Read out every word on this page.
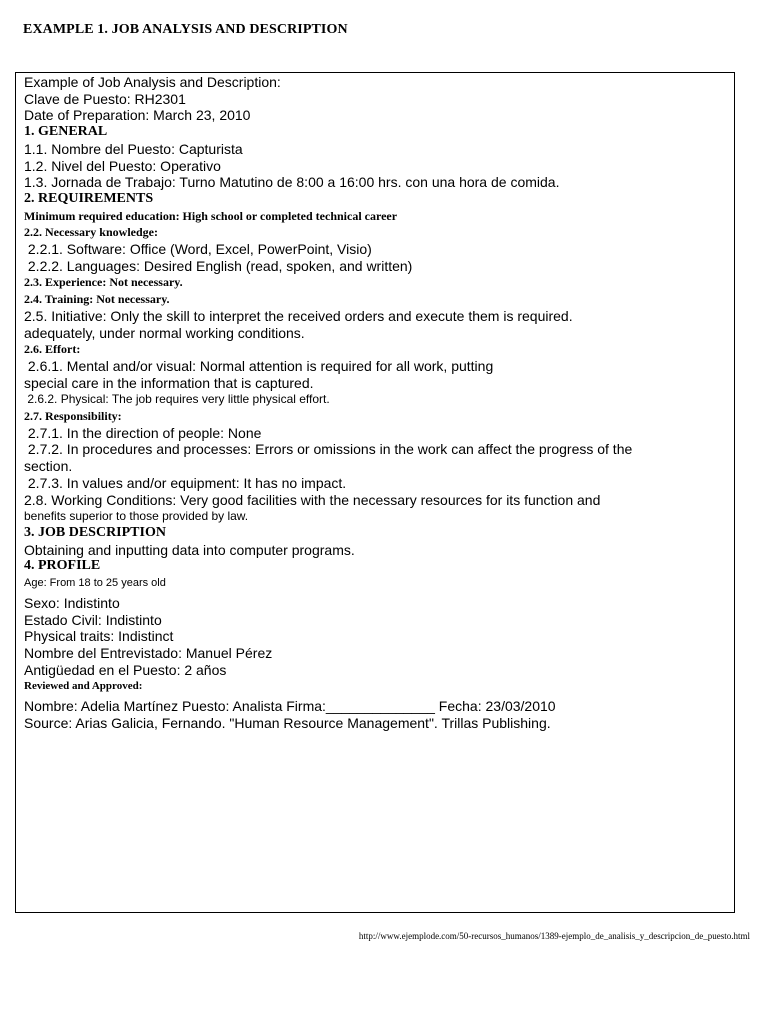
EXAMPLE 1. JOB ANALYSIS AND DESCRIPTION
Example of Job Analysis and Description:
Clave de Puesto: RH2301
Date of Preparation: March 23, 2010
1. GENERAL
1.1. Nombre del Puesto: Capturista
1.2. Nivel del Puesto: Operativo
1.3. Jornada de Trabajo: Turno Matutino de 8:00 a 16:00 hrs. con una hora de comida.
2. REQUIREMENTS
Minimum required education: High school or completed technical career
2.2. Necessary knowledge:
2.2.1. Software: Office (Word, Excel, PowerPoint, Visio)
2.2.2. Languages: Desired English (read, spoken, and written)
2.3. Experience: Not necessary.
2.4. Training: Not necessary.
2.5. Initiative: Only the skill to interpret the received orders and execute them is required.
adequately, under normal working conditions.
2.6. Effort:
2.6.1. Mental and/or visual: Normal attention is required for all work, putting
special care in the information that is captured.
2.6.2. Physical: The job requires very little physical effort.
2.7. Responsibility:
2.7.1. In the direction of people: None
2.7.2. In procedures and processes: Errors or omissions in the work can affect the progress of the
section.
2.7.3. In values and/or equipment: It has no impact.
2.8. Working Conditions: Very good facilities with the necessary resources for its function and
benefits superior to those provided by law.
3. JOB DESCRIPTION
Obtaining and inputting data into computer programs.
4. PROFILE
Age: From 18 to 25 years old
Sexo: Indistinto
Estado Civil: Indistinto
Physical traits: Indistinct
Nombre del Entrevistado: Manuel Pérez
Antigüedad en el Puesto: 2 años
Reviewed and Approved:
Nombre: Adelia Martínez Puesto: Analista Firma:______________ Fecha: 23/03/2010
Source: Arias Galicia, Fernando. "Human Resource Management". Trillas Publishing.
http://www.ejemplode.com/50-recursos_humanos/1389-ejemplo_de_analisis_y_descripcion_de_puesto.html
